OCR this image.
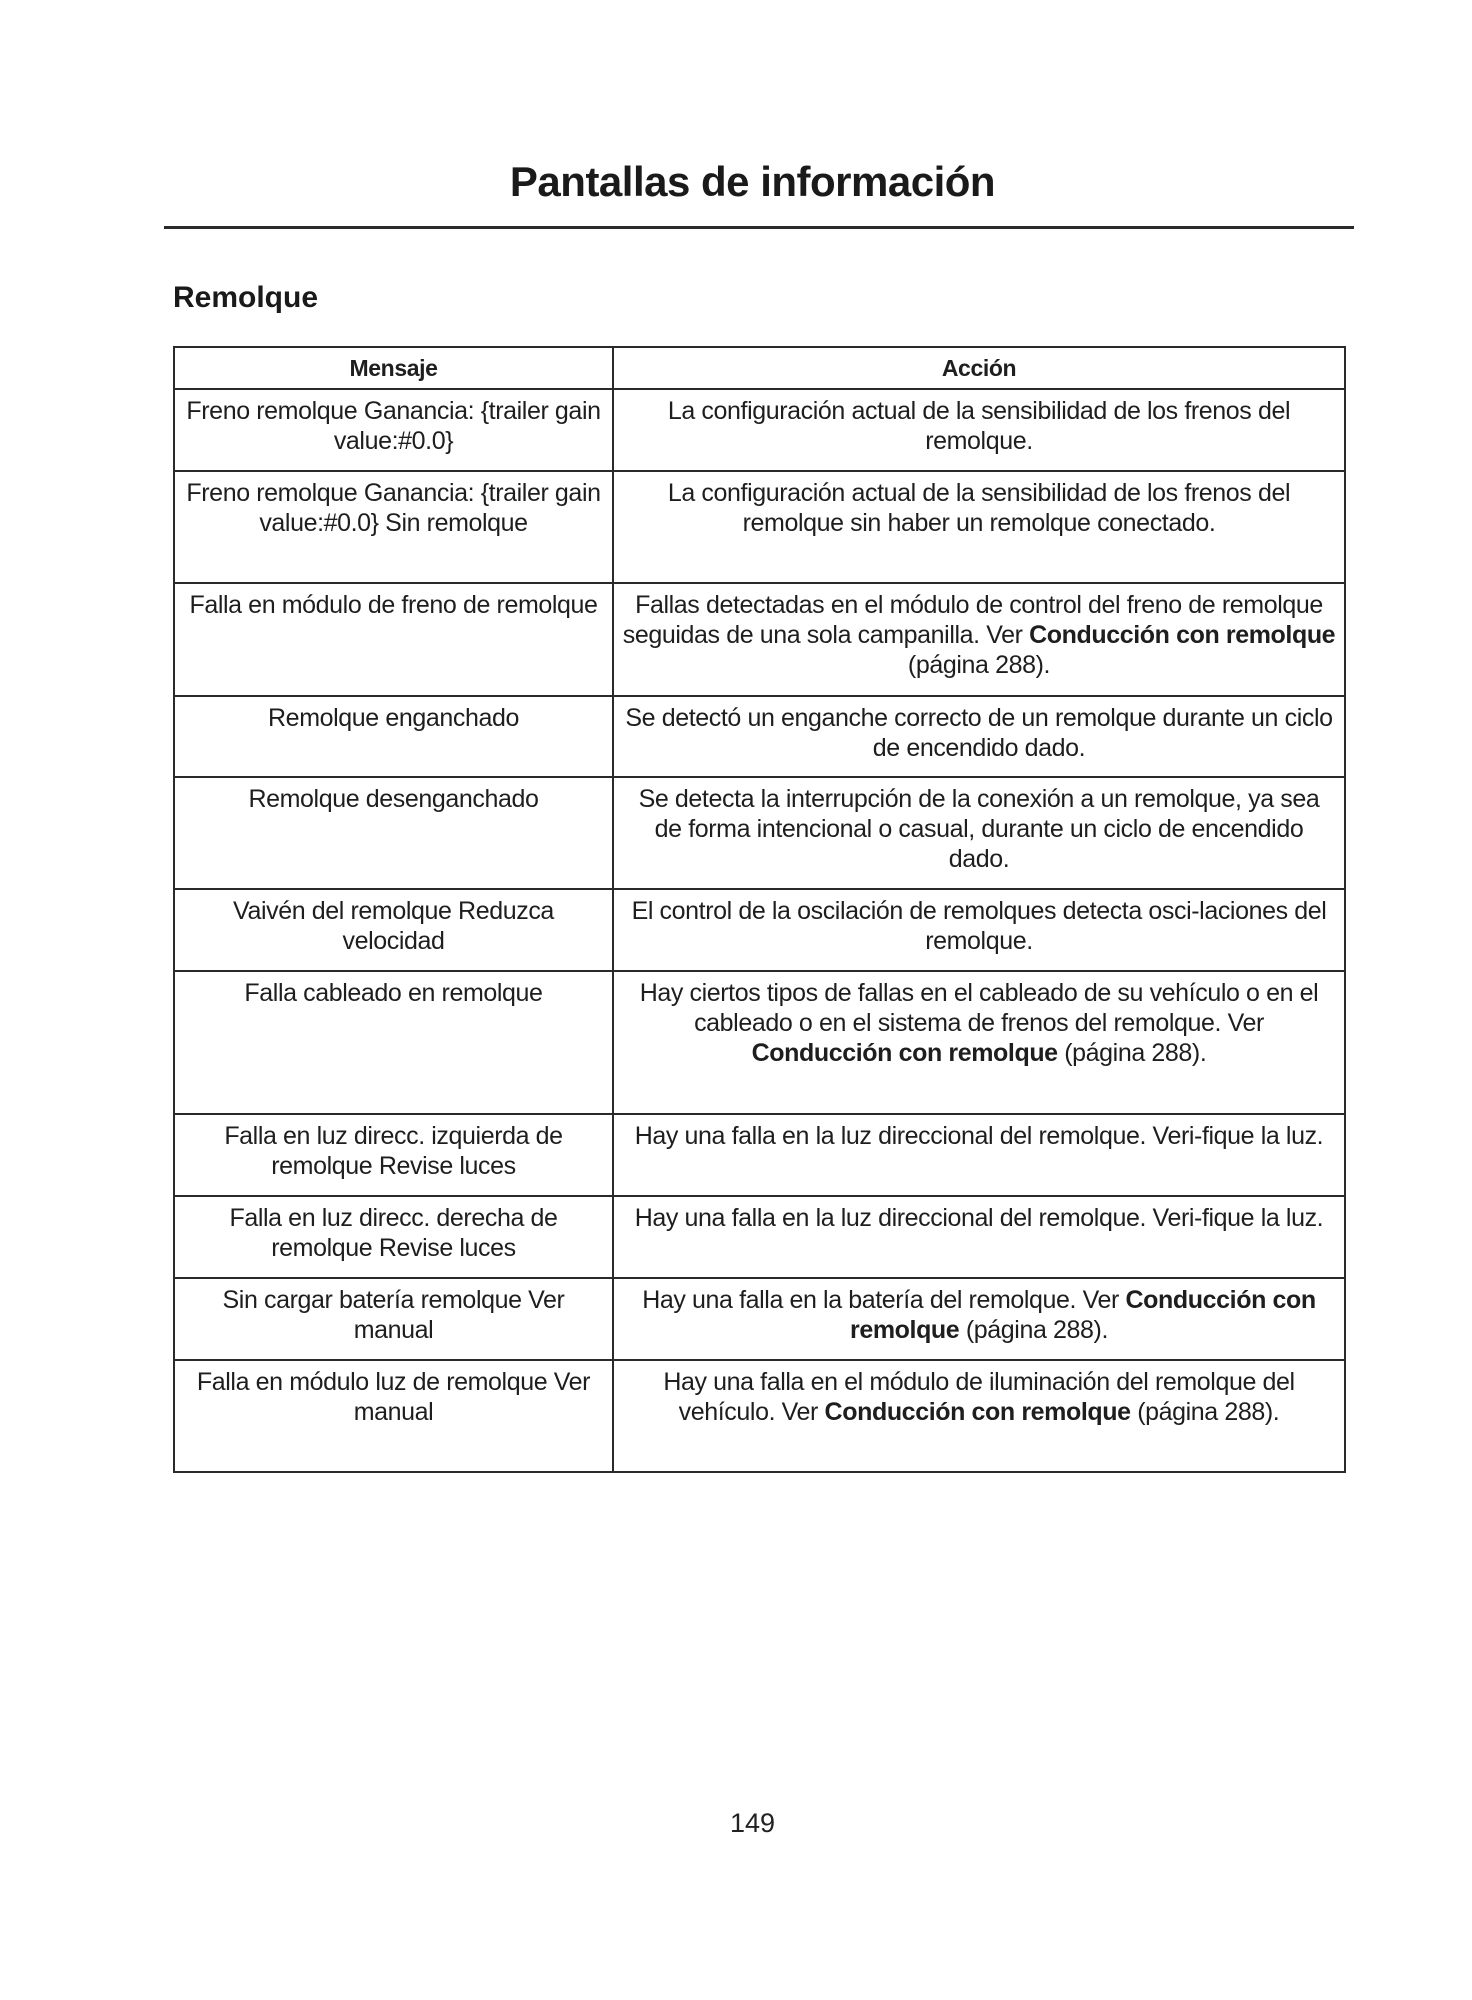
Pantallas de información
Remolque
Mensaje	Acción
Freno remolque Ganancia: {trailer gain value:#0.0}	La configuración actual de la sensibilidad de los frenos del remolque.
Freno remolque Ganancia: {trailer gain value:#0.0} Sin remolque	La configuración actual de la sensibilidad de los frenos del remolque sin haber un remolque conectado.
Falla en módulo de freno de remolque	Fallas detectadas en el módulo de control del freno de remolque seguidas de una sola campanilla. Ver Conducción con remolque (página 288).
Remolque enganchado	Se detectó un enganche correcto de un remolque durante un ciclo de encendido dado.
Remolque desenganchado	Se detecta la interrupción de la conexión a un remolque, ya sea de forma intencional o casual, durante un ciclo de encendido dado.
Vaivén del remolque Reduzca velocidad	El control de la oscilación de remolques detecta osci-laciones del remolque.
Falla cableado en remolque	Hay ciertos tipos de fallas en el cableado de su vehículo o en el cableado o en el sistema de frenos del remolque. Ver Conducción con remolque (página 288).
Falla en luz direcc. izquierda de remolque Revise luces	Hay una falla en la luz direccional del remolque. Veri-fique la luz.
Falla en luz direcc. derecha de remolque Revise luces	Hay una falla en la luz direccional del remolque. Veri-fique la luz.
Sin cargar batería remolque Ver manual	Hay una falla en la batería del remolque. Ver Conducción con remolque (página 288).
Falla en módulo luz de remolque Ver manual	Hay una falla en el módulo de iluminación del remolque del vehículo. Ver Conducción con remolque (página 288).
149
